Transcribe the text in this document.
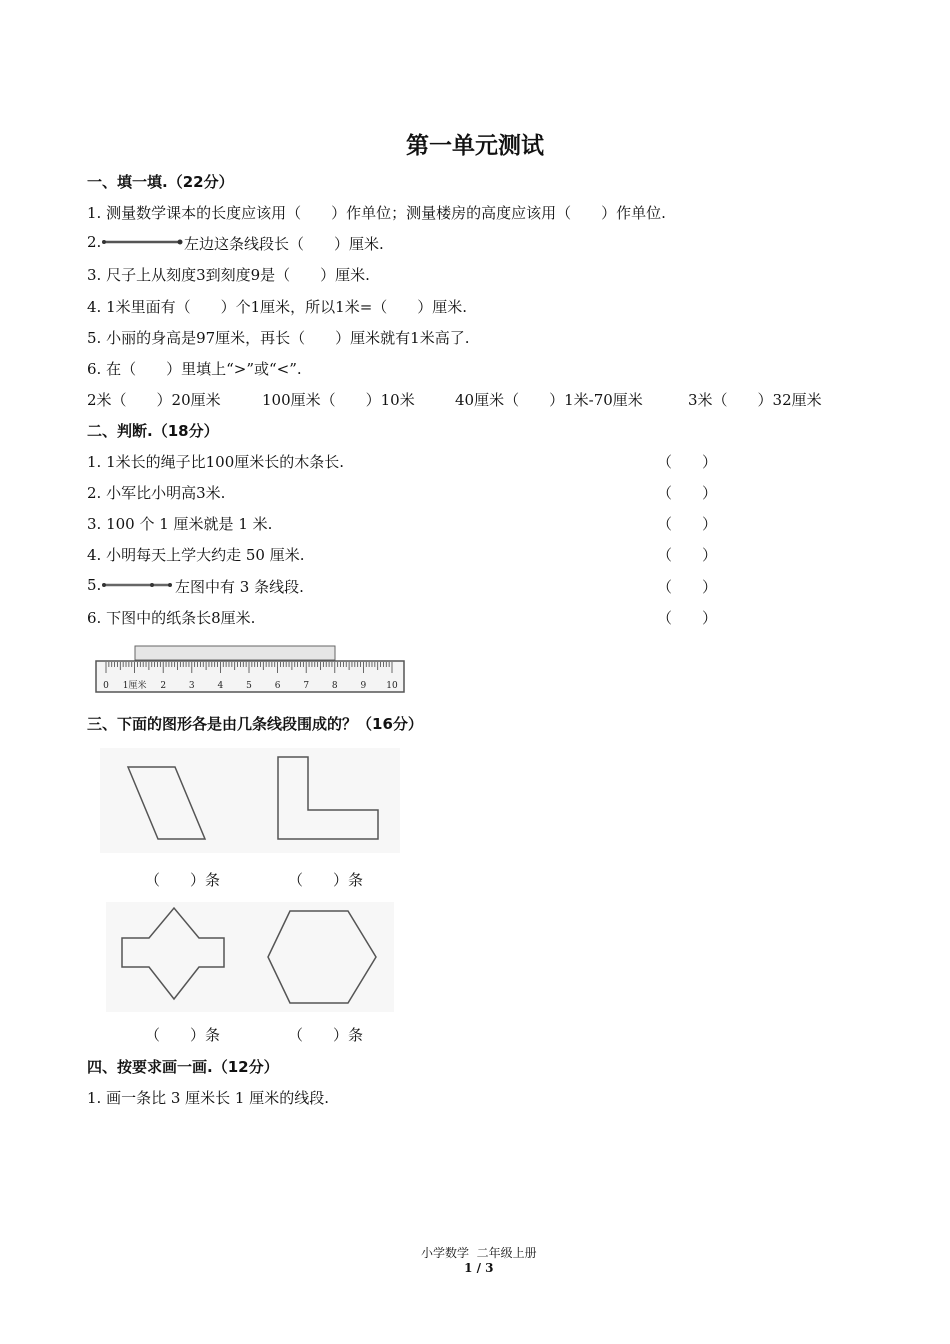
第一单元测试
一、填一填.（22分）
1. 测量数学课本的长度应该用（　　）作单位；测量楼房的高度应该用（　　）作单位.
2.	左边这条线段长（　　）厘米.
3. 尺子上从刻度3到刻度9是（　　）厘米.
4. 1米里面有（　　）个1厘米，所以1米=（　　）厘米.
5. 小丽的身高是97厘米，再长（　　）厘米就有1米高了.
6. 在（　　）里填上“>”或“<”.
2米（　　）20厘米	100厘米（　　）10米	40厘米（　　）1米-70厘米	3米（　　）32厘米
二、判断.（18分）
1. 1米长的绳子比100厘米长的木条长.	（　　）
2. 小军比小明高3米.	（　　）
3. 100 个 1 厘米就是 1 米.	（　　）
4. 小明每天上学大约走 50 厘米.	（　　）
5.	左图中有 3 条线段.	（　　）
6. 下图中的纸条长8厘米.	（　　）
0 1厘米 2	3	4	5	6	7	8	9 10
三、下面的图形各是由几条线段围成的？（16分）
（　　）条	（　　）条
（　　）条	（　　）条
四、按要求画一画.（12分）
1. 画一条比 3 厘米长 1 厘米的线段.

小学数学  二年级上册
1 / 3
